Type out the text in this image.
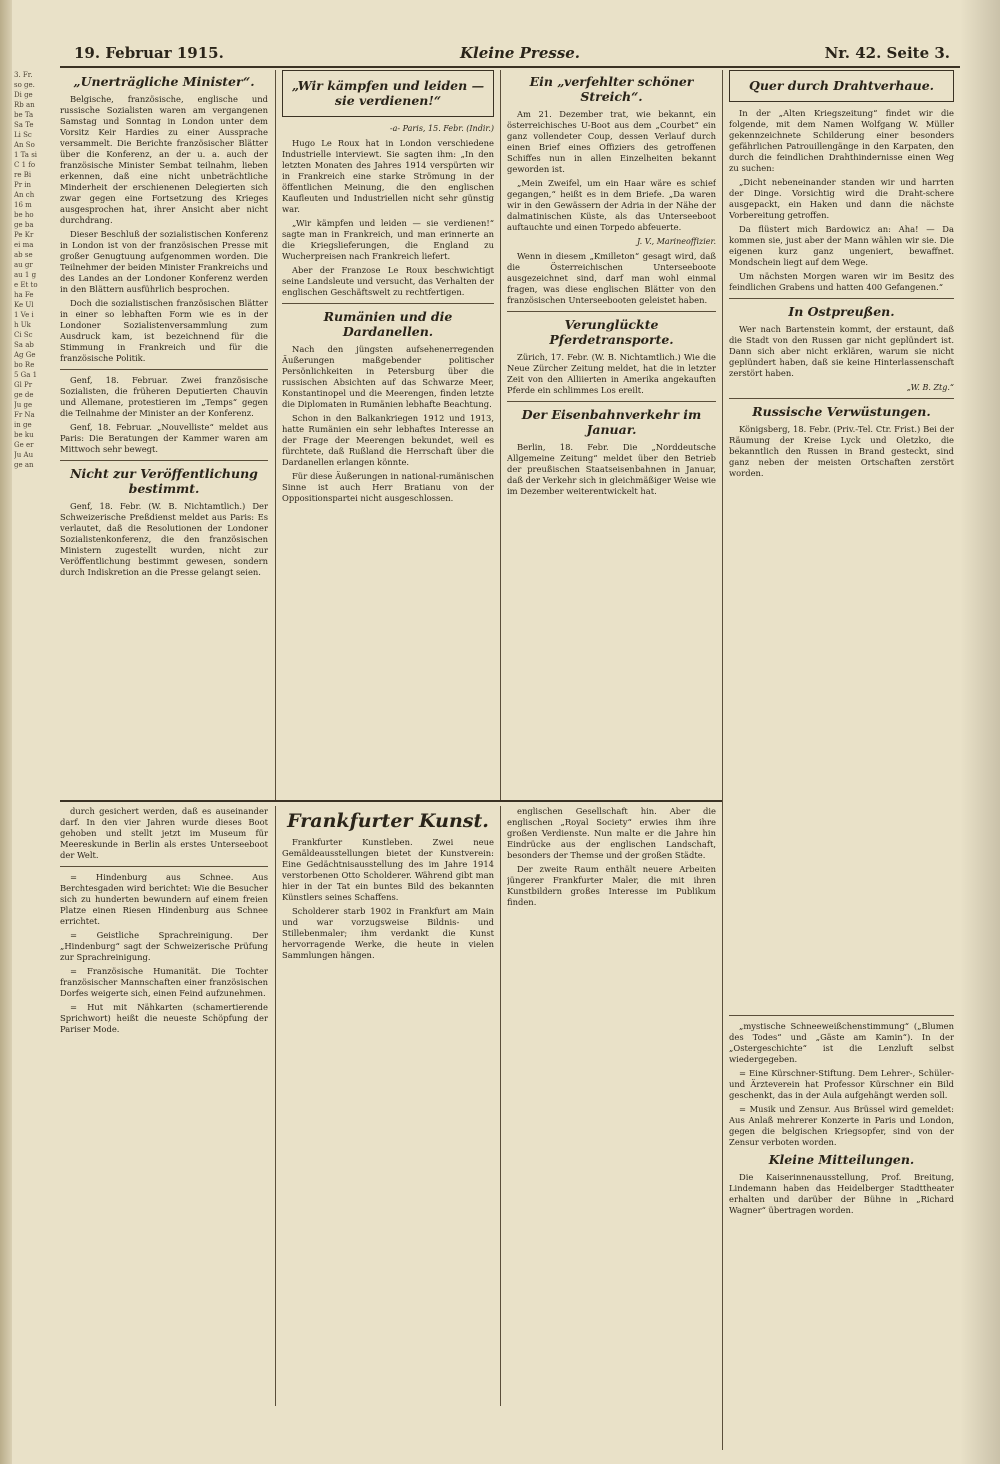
3. Fr. so ge. Di ge Rb an be Ta Sa Te Li Sc An So 1 Ta si C 1 fo re Bi Pr in An ch 16 m be ho ge ba Pe Kr ei ma ab se au gr au 1 ge Et to ha Fe Ke Ul 1 Ve ih Uk Ci Sc Sa ab Ag Ge bo Re 5 Ga 1 Gl Pr ge de Ju ge Fr Na in ge be ku Ge er Ju Au ge an
19. Februar 1915.	Kleine Presse.	Nr. 42. Seite 3.
„Unerträgliche Minister“.

Belgische, französische, englische und russische Sozialisten waren am vergangenen Samstag und Sonntag in London unter dem Vorsitz Keir Hardies zu einer Aussprache versammelt. Die Berichte französischer Blätter über die Konferenz, an der u. a. auch der französische Minister Sembat teilnahm, lieben erkennen, daß eine nicht unbeträchtliche Minderheit der erschienenen Delegierten sich zwar gegen eine Fortsetzung des Krieges ausgesprochen hat, ihrer Ansicht aber nicht durchdrang.

Dieser Beschluß der sozialistischen Konferenz in London ist von der französischen Presse mit großer Genugtuung aufgenommen worden. Die Teilnehmer der beiden Minister Frankreichs und des Landes an der Londoner Konferenz werden in den Blättern ausführlich besprochen.

Doch die sozialistischen französischen Blätter in einer so lebhaften Form wie es in der Londoner Sozialistenversammlung zum Ausdruck kam, ist bezeichnend für die Stimmung in Frankreich und für die französische Politik.

Genf, 18. Februar. Zwei französische Sozialisten, die früheren Deputierten Chauvin und Allemane, protestieren im „Temps“ gegen die Teilnahme der Minister an der Konferenz.

Genf, 18. Februar. „Nouvelliste“ meldet aus Paris: Die Beratungen der Kammer waren am Mittwoch sehr bewegt.

Nicht zur Veröffentlichung bestimmt.

Genf, 18. Febr. (W. B. Nichtamtlich.) Der Schweizerische Preßdienst meldet aus Paris: Es verlautet, daß die Resolutionen der Londoner Sozialistenkonferenz, die den französischen Ministern zugestellt wurden, nicht zur Veröffentlichung bestimmt gewesen, sondern durch Indiskretion an die Presse gelangt seien.

„Wir kämpfen und leiden — sie verdienen!“
-a- Paris, 15. Febr. (Indir.)

Hugo Le Roux hat in London verschiedene Industrielle interviewt. Sie sagten ihm: „In den letzten Monaten des Jahres 1914 verspürten wir in Frankreich eine starke Strömung in der öffentlichen Meinung, die den englischen Kaufleuten und Industriellen nicht sehr günstig war.

„Wir kämpfen und leiden — sie verdienen!“ sagte man in Frankreich, und man erinnerte an die Kriegslieferungen, die England zu Wucherpreisen nach Frankreich liefert.

Aber der Franzose Le Roux beschwichtigt seine Landsleute und versucht, das Verhalten der englischen Geschäftswelt zu rechtfertigen.

Rumänien und die Dardanellen.

Nach den jüngsten aufsehenerregenden Äußerungen maßgebender politischer Persönlichkeiten in Petersburg über die russischen Absichten auf das Schwarze Meer, Konstantinopel und die Meerengen, finden letzte die Diplomaten in Rumänien lebhafte Beachtung.

Schon in den Balkankriegen 1912 und 1913, hatte Rumänien ein sehr lebhaftes Interesse an der Frage der Meerengen bekundet, weil es fürchtete, daß Rußland die Herrschaft über die Dardanellen erlangen könnte.

Für diese Äußerungen in national-rumänischen Sinne ist auch Herr Bratianu von der Oppositionspartei nicht ausgeschlossen.

Ein „verfehlter schöner Streich“.

Am 21. Dezember trat, wie bekannt, ein österreichisches U-Boot aus dem „Courbet“ ein ganz vollendeter Coup, dessen Verlauf durch einen Brief eines Offiziers des getroffenen Schiffes nun in allen Einzelheiten bekannt geworden ist.

„Mein Zweifel, um ein Haar wäre es schief gegangen,“ heißt es in dem Briefe. „Da waren wir in den Gewässern der Adria in der Nähe der dalmatinischen Küste, als das Unterseeboot auftauchte und einen Torpedo abfeuerte.

J. V., Marineoffizier.

Wenn in diesem „Kmilleton“ gesagt wird, daß die Österreichischen Unterseeboote ausgezeichnet sind, darf man wohl einmal fragen, was diese englischen Blätter von den französischen Unterseebooten geleistet haben.

Verunglückte Pferdetransporte.

Zürich, 17. Febr. (W. B. Nichtamtlich.) Wie die Neue Zürcher Zeitung meldet, hat die in letzter Zeit von den Alliierten in Amerika angekauften Pferde ein schlimmes Los ereilt.

Der Eisenbahnverkehr im Januar.

Berlin, 18. Febr. Die „Norddeutsche Allgemeine Zeitung“ meldet über den Betrieb der preußischen Staatseisenbahnen in Januar, daß der Verkehr sich in gleichmäßiger Weise wie im Dezember weiterentwickelt hat.

Quer durch Drahtverhaue.

In der „Alten Kriegszeitung“ findet wir die folgende, mit dem Namen Wolfgang W. Müller gekennzeichnete Schilderung einer besonders gefährlichen Patrouillengänge in den Karpaten, den durch die feindlichen Drahthindernisse einen Weg zu suchen:

„Dicht nebeneinander standen wir und harrten der Dinge. Vorsichtig wird die Draht-schere ausgepackt, ein Haken und dann die nächste Vorbereitung getroffen.

Da flüstert mich Bardowicz an: Aha! — Da kommen sie, just aber der Mann wählen wir sie. Die eigenen kurz ganz ungeniert, bewaffnet. Mondschein liegt auf dem Wege.

Um nächsten Morgen waren wir im Besitz des feindlichen Grabens und hatten 400 Gefangenen.“

In Ostpreußen.

Wer nach Bartenstein kommt, der erstaunt, daß die Stadt von den Russen gar nicht geplündert ist. Dann sich aber nicht erklären, warum sie nicht geplündert haben, daß sie keine Hinterlassenschaft zerstört haben.

„W. B. Ztg.“
Russische Verwüstungen.

Königsberg, 18. Febr. (Priv.-Tel. Ctr. Frist.) Bei der Räumung der Kreise Lyck und Oletzko, die bekanntlich den Russen in Brand gesteckt, sind ganz neben der meisten Ortschaften zerstört worden.

durch gesichert werden, daß es auseinander darf. In den vier Jahren wurde dieses Boot gehoben und stellt jetzt im Museum für Meereskunde in Berlin als erstes Unterseeboot der Welt.

= Hindenburg aus Schnee. Aus Berchtesgaden wird berichtet: Wie die Besucher sich zu hunderten bewundern auf einem freien Platze einen Riesen Hindenburg aus Schnee errichtet.

= Geistliche Sprachreinigung. Der „Hindenburg“ sagt der Schweizerische Prüfung zur Sprachreinigung.

= Französische Humanität. Die Tochter französischer Mannschaften einer französischen Dorfes weigerte sich, einen Feind aufzunehmen.

= Hut mit Nähkarten (schamertierende Sprichwort) heißt die neueste Schöpfung der Pariser Mode.

Frankfurter Kunst.

Frankfurter Kunstleben. Zwei neue Gemäldeausstellungen bietet der Kunstverein: Eine Gedächtnisausstellung des im Jahre 1914 verstorbenen Otto Scholderer. Während gibt man hier in der Tat ein buntes Bild des bekannten Künstlers seines Schaffens.

Scholderer starb 1902 in Frankfurt am Main und war vorzugsweise Bildnis- und Stillebenmaler; ihm verdankt die Kunst hervorragende Werke, die heute in vielen Sammlungen hängen.

englischen Gesellschaft hin. Aber die englischen „Royal Society“ erwies ihm ihre großen Verdienste. Nun malte er die Jahre hin Eindrücke aus der englischen Landschaft, besonders der Themse und der großen Städte.

Der zweite Raum enthält neuere Arbeiten jüngerer Frankfurter Maler, die mit ihren Kunstbildern großes Interesse im Publikum finden.

„mystische Schneeweißchenstimmung“ („Blumen des Todes“ und „Gäste am Kamin“). In der „Ostergeschichte“ ist die Lenzluft selbst wiedergegeben.

= Eine Kürschner-Stiftung. Dem Lehrer-, Schüler- und Ärzteverein hat Professor Kürschner ein Bild geschenkt, das in der Aula aufgehängt werden soll.

= Musik und Zensur. Aus Brüssel wird gemeldet: Aus Anlaß mehrerer Konzerte in Paris und London, gegen die belgischen Kriegsopfer, sind von der Zensur verboten worden.

Kleine Mitteilungen.

Die Kaiserinnenausstellung, Prof. Breitung, Lindemann haben das Heidelberger Stadttheater erhalten und darüber der Bühne in „Richard Wagner“ übertragen worden.
